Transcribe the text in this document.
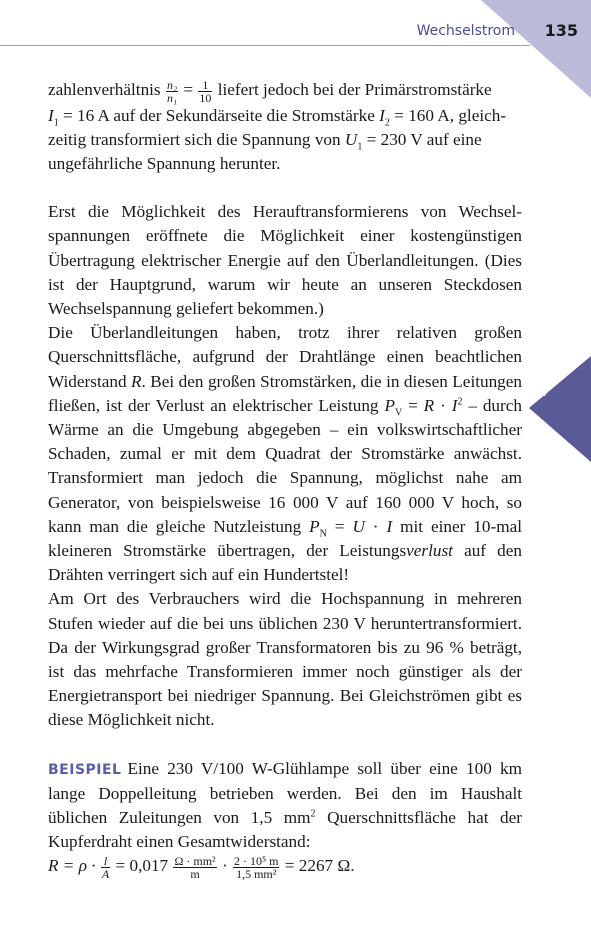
Wechselstrom 135
4

zahlenverhältnis $\frac{\text{n₂}}{\text{n₁}} = \frac{1}{10}$ liefert jedoch bei der Primärstromstärke
$I_1 = 16$ A auf der Sekundärseite die Stromstärke $I_2 = 160$ A, gleich-
zeitig transformiert sich die Spannung von $U_1 = 230$ V auf eine
ungefährliche Spannung herunter.

Erst die Möglichkeit des Herauftransformierens von Wechselspannungen eröffnete die Möglichkeit einer kostengünstigen Übertragung elektrischer Energie auf den Überlandleitungen. (Dies ist der Hauptgrund, warum wir heute an unseren Steckdosen Wechselspannung geliefert bekommen.)

Die Überlandleitungen haben, trotz ihrer relativen großen Querschnittsfläche, aufgrund der Drahtlänge einen beachtlichen Widerstand R. Bei den großen Stromstärken, die in diesen Leitungen fließen, ist der Verlust an elektrischer Leistung $P_V = R \cdot I^2$ – durch Wärme an die Umgebung abgegeben – ein volkswirtschaftlicher Schaden, zumal er mit dem Quadrat der Stromstärke anwächst. Transformiert man jedoch die Spannung, möglichst nahe am Generator, von beispielsweise 16 000 V auf 160 000 V hoch, so kann man die gleiche Nutzleistung $P_N = U \cdot I$ mit einer 10-mal kleineren Stromstärke übertragen, der Leistungsverlust auf den Drähten verringert sich auf ein Hundertstel!

Am Ort des Verbrauchers wird die Hochspannung in mehreren Stufen wieder auf die bei uns üblichen 230 V heruntertransformiert. Da der Wirkungsgrad großer Transformatoren bis zu 96 % beträgt, ist das mehrfache Transformieren immer noch günstiger als der Energietransport bei niedriger Spannung. Bei Gleichströmen gibt es diese Möglichkeit nicht.

BEISPIEL Eine 230 V/100 W-Glühlampe soll über eine 100 km lange Doppelleitung betrieben werden. Bei den im Haushalt üblichen Zuleitungen von 1,5 $mm^2$ Querschnittsfläche hat der Kupferdraht einen Gesamtwiderstand:

$R = \rho \cdot \frac{l}{A} = 0,017 \frac{\text{Ω · mm²}}{m} \cdot \frac{\text{2 · 10⁵ m}}{\text{1,5 mm²}} = 2267$ Ω.
